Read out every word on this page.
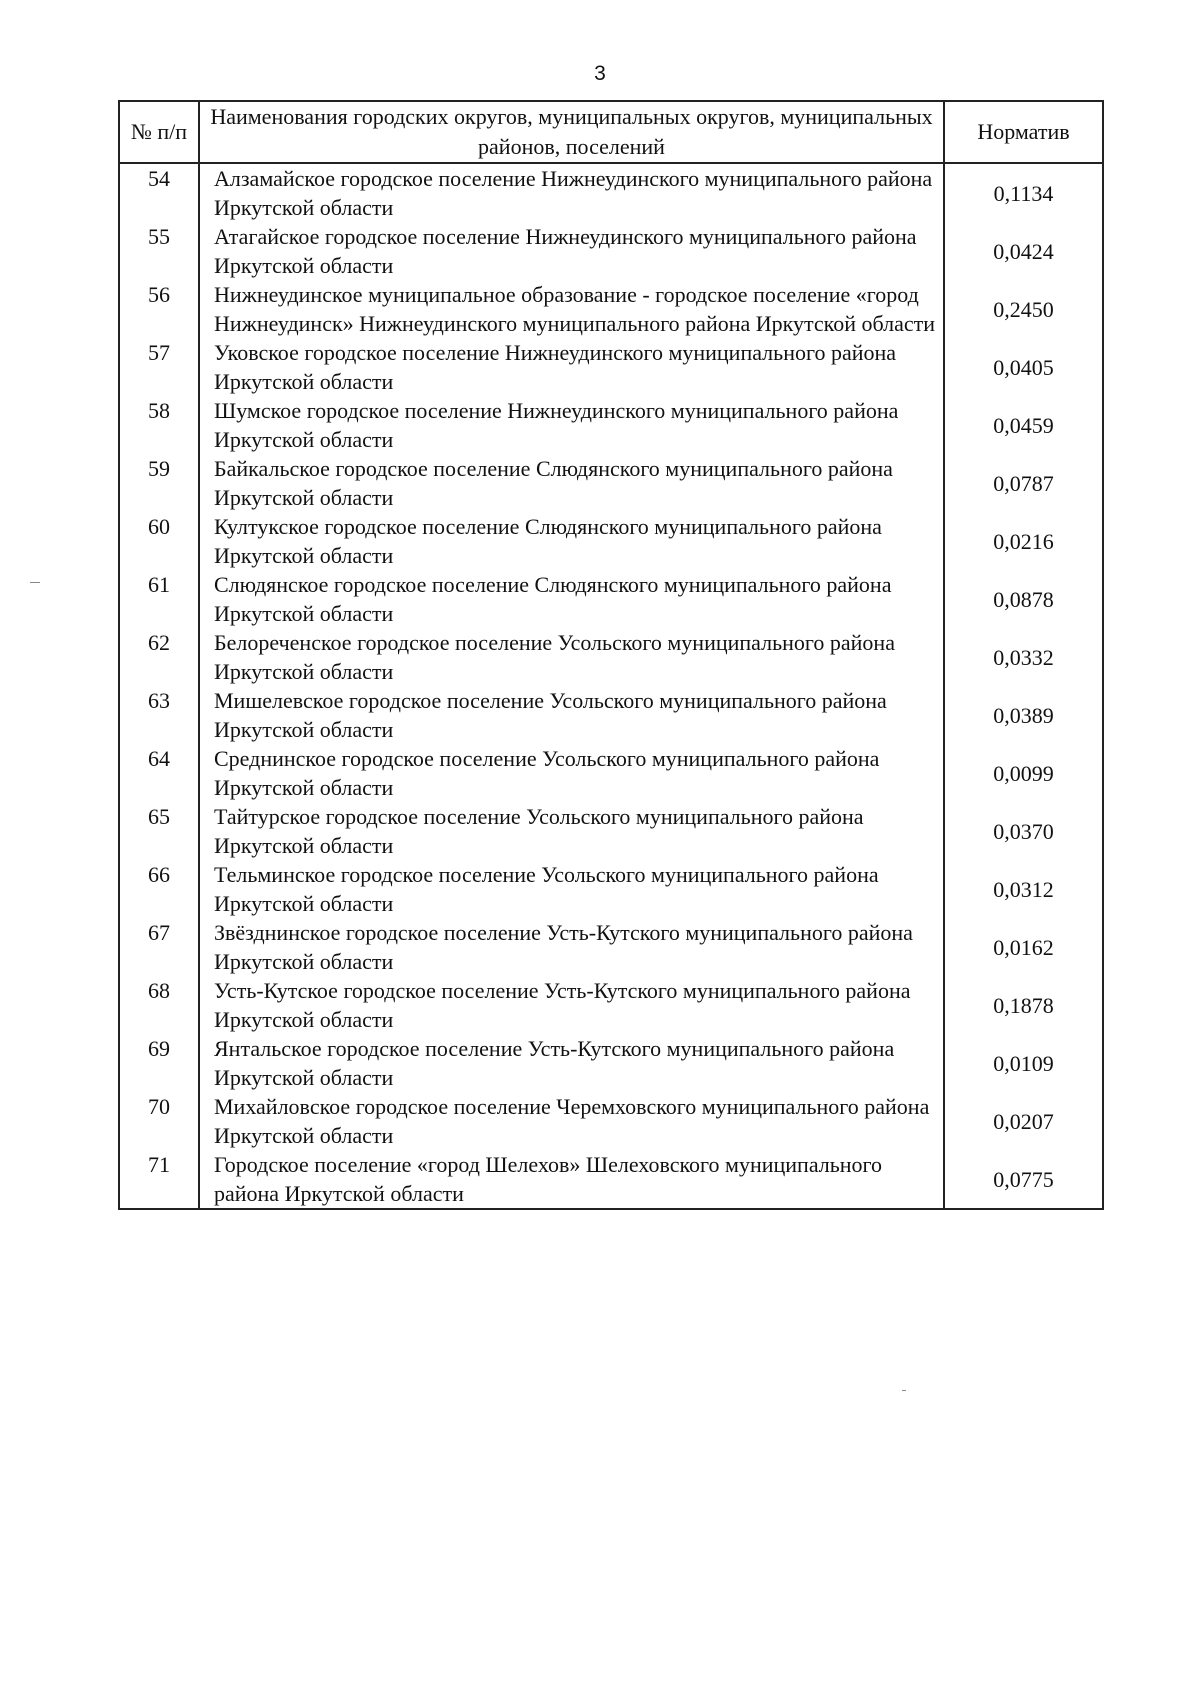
3
№ п/п	Наименования городских округов, муниципальных округов, муниципальных районов, поселений	Норматив
54	Алзамайское городское поселение Нижнеудинского муниципального района Иркутской области	0,1134
55	Атагайское городское поселение Нижнеудинского муниципального района Иркутской области	0,0424
56	Нижнеудинское муниципальное образование - городское поселение «город Нижнеудинск» Нижнеудинского муниципального района Иркутской области	0,2450
57	Уковское городское поселение Нижнеудинского муниципального района Иркутской области	0,0405
58	Шумское городское поселение Нижнеудинского муниципального района Иркутской области	0,0459
59	Байкальское городское поселение Слюдянского муниципального района Иркутской области	0,0787
60	Култукское городское поселение Слюдянского муниципального района Иркутской области	0,0216
61	Слюдянское городское поселение Слюдянского муниципального района Иркутской области	0,0878
62	Белореченское городское поселение Усольского муниципального района Иркутской области	0,0332
63	Мишелевское городское поселение Усольского муниципального района Иркутской области	0,0389
64	Среднинское городское поселение Усольского муниципального района Иркутской области	0,0099
65	Тайтурское городское поселение Усольского муниципального района Иркутской области	0,0370
66	Тельминское городское поселение Усольского муниципального района Иркутской области	0,0312
67	Звёзднинское городское поселение Усть-Кутского муниципального района Иркутской области	0,0162
68	Усть-Кутское городское поселение Усть-Кутского муниципального района Иркутской области	0,1878
69	Янтальское городское поселение Усть-Кутского муниципального района Иркутской области	0,0109
70	Михайловское городское поселение Черемховского муниципального района Иркутской области	0,0207
71	Городское поселение «город Шелехов» Шелеховского муниципального района Иркутской области	0,0775
